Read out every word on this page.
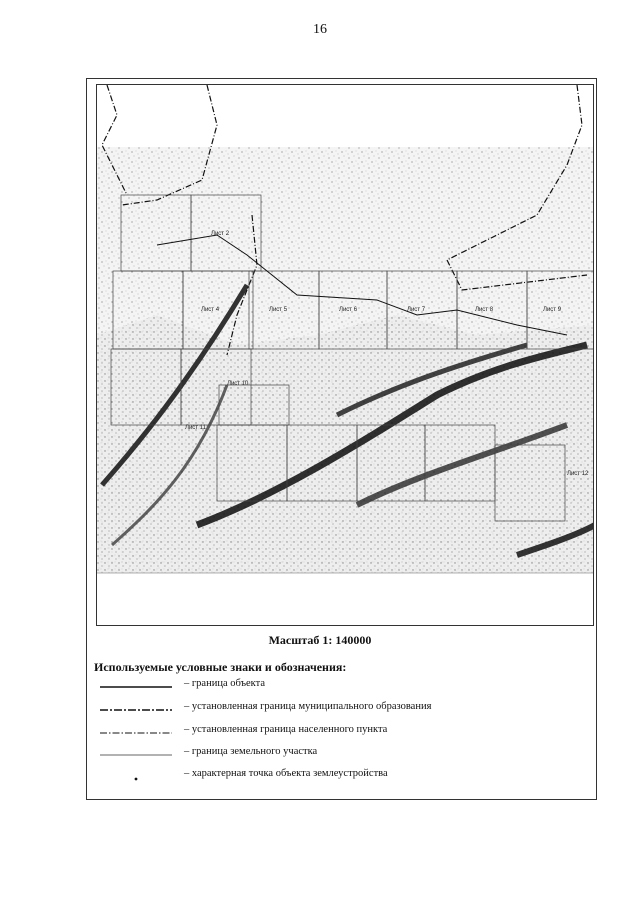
16
Лист 2
Лист 4	Лист 5	Лист 6	Лист 7	Лист 8	Лист 9
Лист 10
Лист 11
Лист 12
Масштаб 1: 140000
Используемые условные знаки и обозначения:
– граница объекта
– установленная граница муниципального образования
– установленная граница населенного пункта
– граница земельного участка
– характерная точка объекта землеустройства
